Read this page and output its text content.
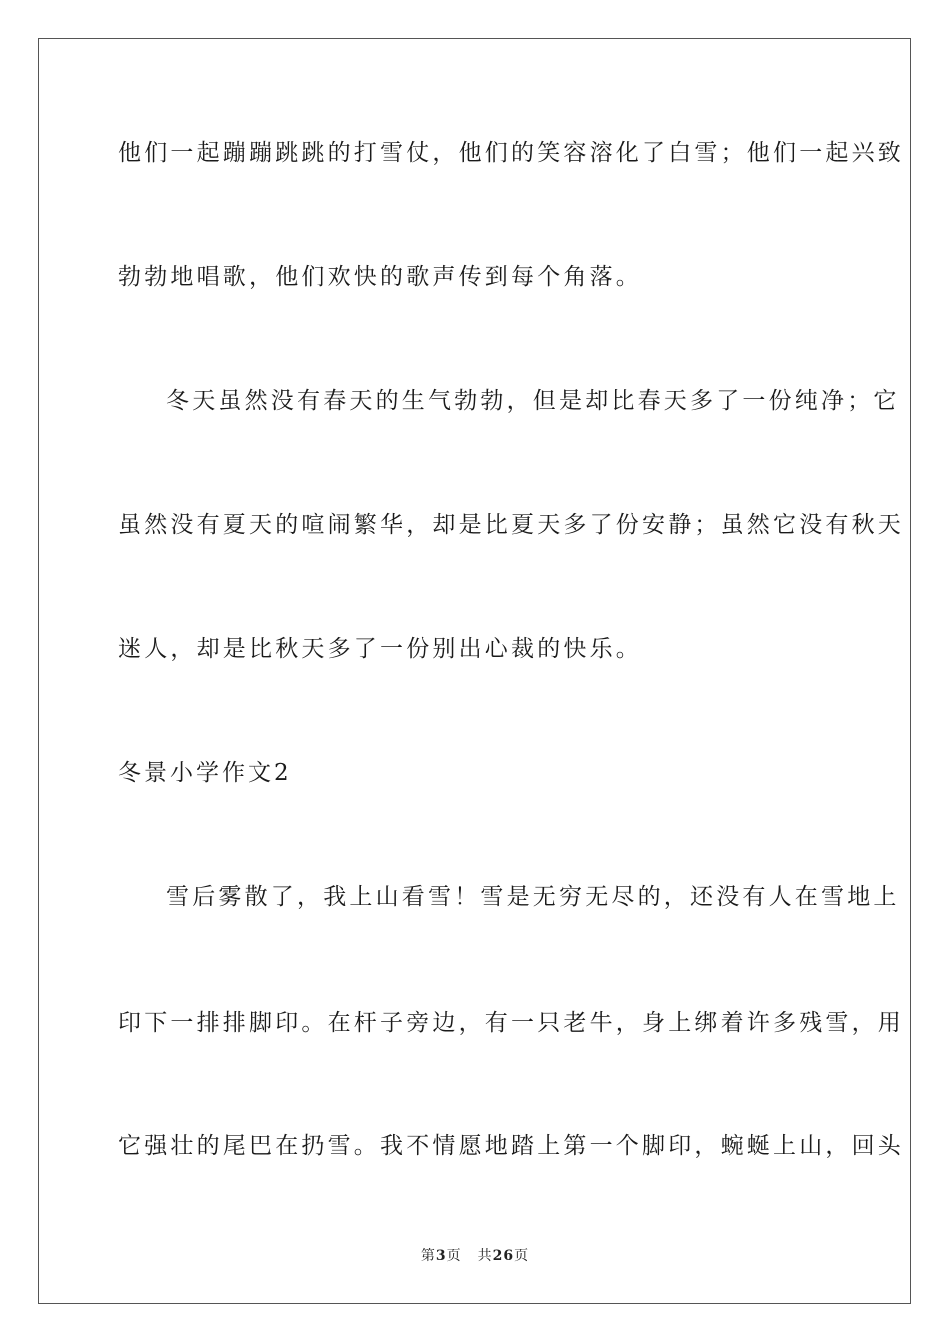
他们一起蹦蹦跳跳的打雪仗，他们的笑容溶化了白雪；他们一起兴致
勃勃地唱歌，他们欢快的歌声传到每个角落。
冬天虽然没有春天的生气勃勃，但是却比春天多了一份纯净；它
虽然没有夏天的喧闹繁华，却是比夏天多了份安静；虽然它没有秋天
迷人，却是比秋天多了一份别出心裁的快乐。
冬景小学作文2
雪后雾散了，我上山看雪！雪是无穷无尽的，还没有人在雪地上
印下一排排脚印。在杆子旁边，有一只老牛，身上绑着许多残雪，用
它强壮的尾巴在扔雪。我不情愿地踏上第一个脚印，蜿蜒上山，回头
第3页 共26页
